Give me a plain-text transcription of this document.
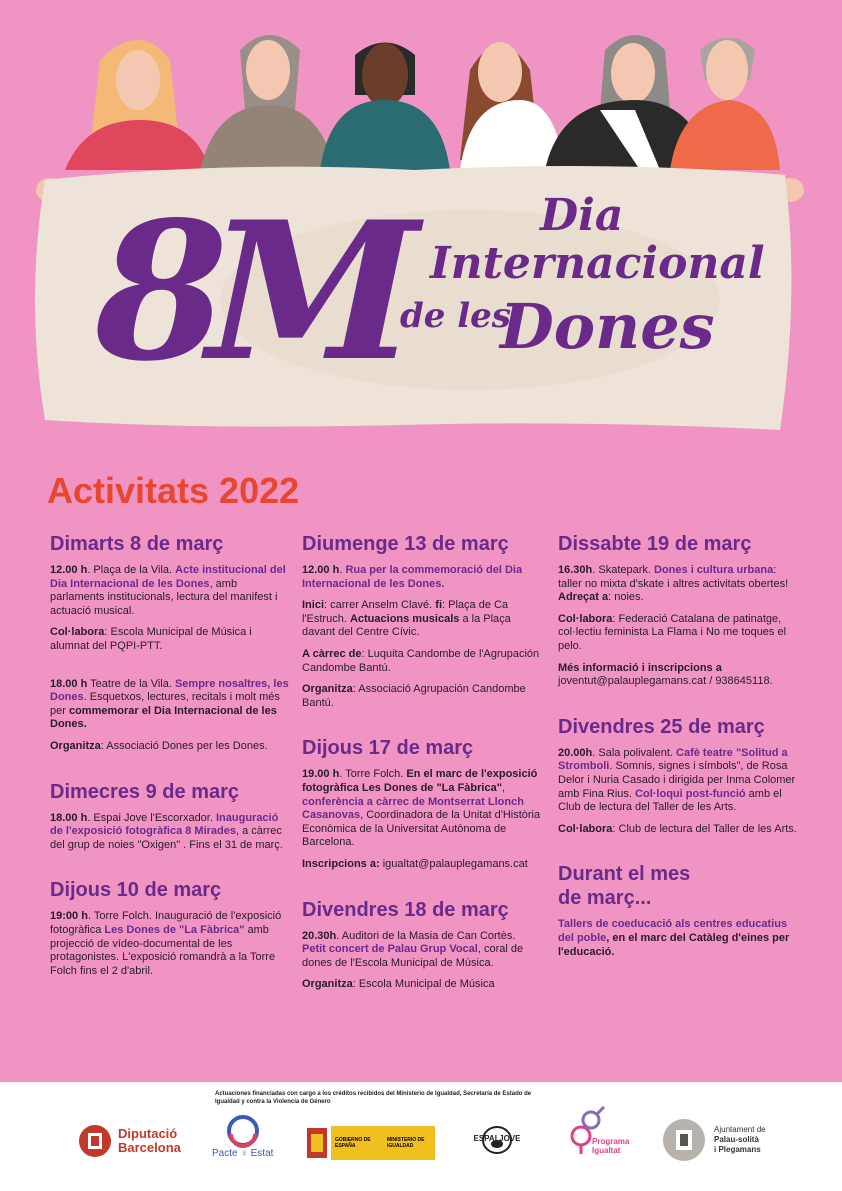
8M	Dia
Internacional
de les
Dones
Activitats 2022
Dimarts 8 de març
12.00 h. Plaça de la Vila. Acte institucional del Dia Internacional de les Dones, amb parlaments institucionals, lectura del manifest i actuació musical.
Col·labora: Escola Municipal de Música i alumnat del PQPI-PTT.
18.00 h Teatre de la Vila. Sempre nosaltres, les Dones. Esquetxos, lectures, recitals i molt més per commemorar el Dia Internacional de les Dones.
Organitza: Associació Dones per les Dones.
Dimecres 9 de març
18.00 h. Espai Jove l'Escorxador. Inauguració de l'exposició fotogràfica 8 Mirades, a càrrec del grup de noies "Oxigen" . Fins el 31 de març.
Dijous 10 de març
19:00 h. Torre Folch. Inauguració de l'exposició fotogràfica Les Dones de "La Fàbrica" amb projecció de vídeo-documental de les protagonistes. L'exposició romandrà a la Torre Folch fins el 2 d'abril.
Diumenge 13 de març
12.00 h. Rua per la commemoració del Dia Internacional de les Dones.
Inici: carrer Anselm Clavé. fi: Plaça de Ca l'Estruch. Actuacions musicals a la Plaça davant del Centre Cívic.
A càrrec de: Luquita Candombe de l'Agrupación Candombe Bantú.
Organitza: Associació Agrupación Candombe Bantú.
Dijous 17 de març
19.00 h. Torre Folch. En el marc de l'exposició fotogràfica Les Dones de "La Fàbrica", conferència a càrrec de Montserrat Llonch Casanovas, Coordinadora de la Unitat d'Història Econòmica de la Universitat Autònoma de Barcelona.
Inscripcions a: igualtat@palauplegamans.cat
Divendres 18 de març
20.30h. Auditori de la Masia de Can Cortès. Petit concert de Palau Grup Vocal, coral de dones de l'Escola Municipal de Música.
Organitza: Escola Municipal de Música
Dissabte 19 de març
16.30h. Skatepark. Dones i cultura urbana: taller no mixta d'skate i altres activitats obertes! Adreçat a: noies.
Col·labora: Federació Catalana de patinatge, col·lectiu feminista La Flama i No me toques el pelo.
Més informació i inscripcions a joventut@palauplegamans.cat / 938645118.
Divendres 25 de març
20.00h. Sala polivalent. Cafè teatre "Solitud a Stromboli. Somnis, signes i símbols", de Rosa Delor i Nuria Casado i dirigida per Inma Colomer amb Fina Rius. Col·loqui post-funció amb el Club de lectura del Taller de les Arts.
Col·labora: Club de lectura del Taller de les Arts.
Durant el mes de març...
Tallers de coeducació als centres educatius del poble, en el marc del Catàleg d'eines per l'educació.
Actuaciones financiadas con cargo a los créditos recibidos del Ministerio de Igualdad, Secretaría de Estado de Igualdad y contra la Violencia de Género
Diputació
Barcelona	Pacte ♀ Estat
GOBIERNO DE ESPAÑA
MINISTERIO DE IGUALDAD
ESPAI JOVE	Programa Igualtat
Ajuntament de
Palau-solità
i Plegamans
